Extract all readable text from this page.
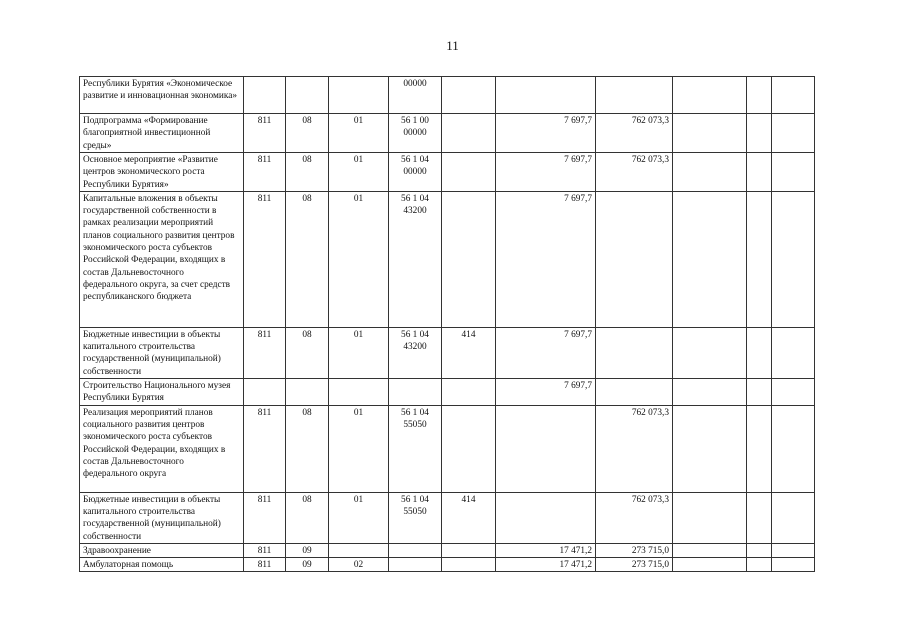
11
Республики Бурятия «Экономическое развитие и инновационная экономика»				00000						
Подпрограмма «Формирование благоприятной инвестиционной среды»	811	08	01	56 1 00 00000		7 697,7	762 073,3			
Основное мероприятие «Развитие центров экономического роста Республики Бурятия»	811	08	01	56 1 04 00000		7 697,7	762 073,3			
Капитальные вложения в объекты государственной собственности в рамках реализации мероприятий планов социального развития центров экономического роста субъектов Российской Федерации, входящих в состав Дальневосточного федерального округа, за счет средств республиканского бюджета	811	08	01	56 1 04 43200		7 697,7				
Бюджетные инвестиции в объекты капитального строительства государственной (муниципальной) собственности	811	08	01	56 1 04 43200	414	7 697,7				
Строительство Национального музея Республики Бурятия						7 697,7				
Реализация мероприятий планов социального развития центров экономического роста субъектов Российской Федерации, входящих в состав Дальневосточного федерального округа	811	08	01	56 1 04 55050			762 073,3			
Бюджетные инвестиции в объекты капитального строительства государственной (муниципальной) собственности	811	08	01	56 1 04 55050	414		762 073,3			
Здравоохранение	811	09				17 471,2	273 715,0			
Амбулаторная помощь	811	09	02			17 471,2	273 715,0			
